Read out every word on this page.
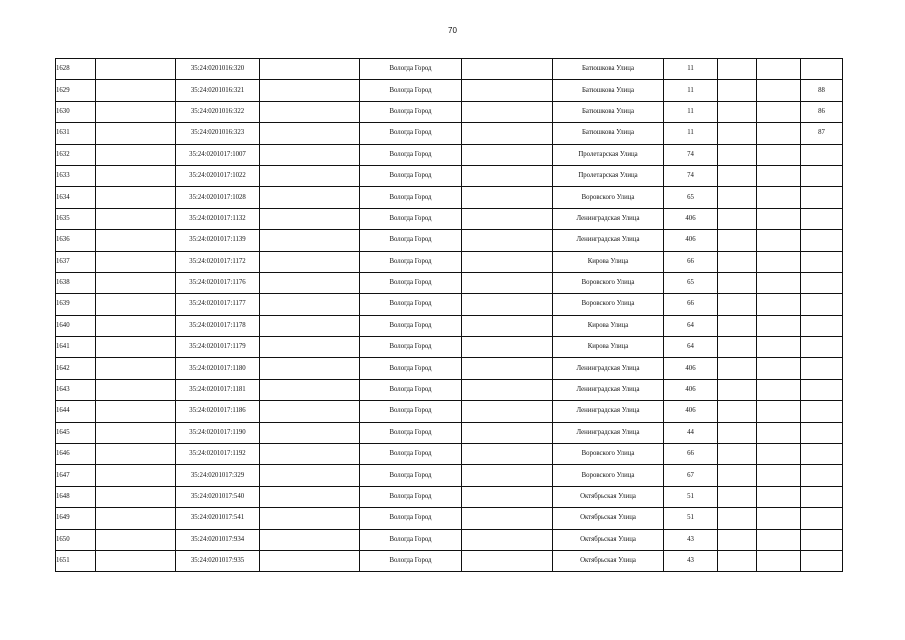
70
1628		35:24:0201016:320		Вологда Город		Батюшкова Улица	11			
1629		35:24:0201016:321		Вологда Город		Батюшкова Улица	11			88
1630		35:24:0201016:322		Вологда Город		Батюшкова Улица	11			86
1631		35:24:0201016:323		Вологда Город		Батюшкова Улица	11			87
1632		35:24:0201017:1007		Вологда Город		Пролетарская Улица	74			
1633		35:24:0201017:1022		Вологда Город		Пролетарская Улица	74			
1634		35:24:0201017:1028		Вологда Город		Воровского Улица	65			
1635		35:24:0201017:1132		Вологда Город		Ленинградская Улица	406			
1636		35:24:0201017:1139		Вологда Город		Ленинградская Улица	406			
1637		35:24:0201017:1172		Вологда Город		Кирова Улица	66			
1638		35:24:0201017:1176		Вологда Город		Воровского Улица	65			
1639		35:24:0201017:1177		Вологда Город		Воровского Улица	66			
1640		35:24:0201017:1178		Вологда Город		Кирова Улица	64			
1641		35:24:0201017:1179		Вологда Город		Кирова Улица	64			
1642		35:24:0201017:1180		Вологда Город		Ленинградская Улица	406			
1643		35:24:0201017:1181		Вологда Город		Ленинградская Улица	406			
1644		35:24:0201017:1186		Вологда Город		Ленинградская Улица	406			
1645		35:24:0201017:1190		Вологда Город		Ленинградская Улица	44			
1646		35:24:0201017:1192		Вологда Город		Воровского Улица	66			
1647		35:24:0201017:329		Вологда Город		Воровского Улица	67			
1648		35:24:0201017:540		Вологда Город		Октябрьская Улица	51			
1649		35:24:0201017:541		Вологда Город		Октябрьская Улица	51			
1650		35:24:0201017:934		Вологда Город		Октябрьская Улица	43			
1651		35:24:0201017:935		Вологда Город		Октябрьская Улица	43			
